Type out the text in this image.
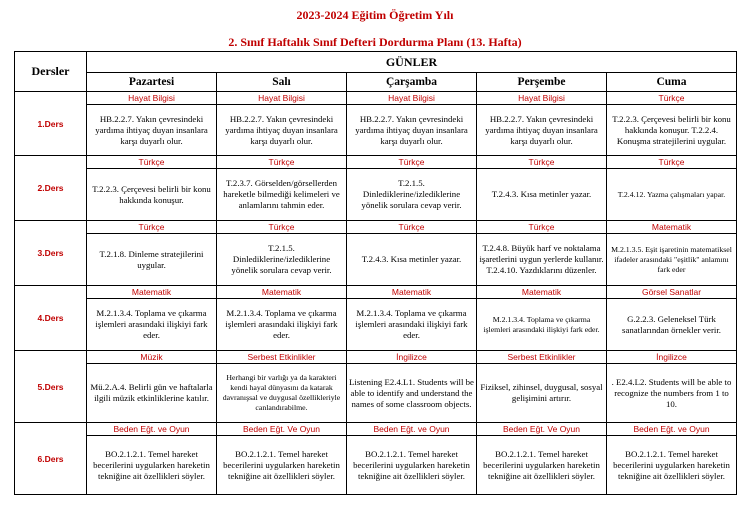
2023-2024 Eğitim Öğretim Yılı
2. Sınıf Haftalık Sınıf Defteri Dordurma Planı (13. Hafta)
Dersler	GÜNLER				
	Pazartesi	Salı	Çarşamba	Perşembe	Cuma
1.Ders	Hayat Bilgisi	Hayat Bilgisi	Hayat Bilgisi	Hayat Bilgisi	Türkçe
	HB.2.2.7. Yakın çevresindeki yardıma ihtiyaç duyan insanlara karşı duyarlı olur.	HB.2.2.7. Yakın çevresindeki yardıma ihtiyaç duyan insanlara karşı duyarlı olur.	HB.2.2.7. Yakın çevresindeki yardıma ihtiyaç duyan insanlara karşı duyarlı olur.	HB.2.2.7. Yakın çevresindeki yardıma ihtiyaç duyan insanlara karşı duyarlı olur.	T.2.2.3. Çerçevesi belirli bir konu hakkında konuşur. T.2.2.4. Konuşma stratejilerini uygular.
2.Ders	Türkçe	Türkçe	Türkçe	Türkçe	Türkçe
	T.2.2.3. Çerçevesi belirli bir konu hakkında konuşur.	T.2.3.7. Görselden/görsellerden hareketle bilmediği kelimeleri ve anlamlarını tahmin eder.	T.2.1.5. Dinlediklerine/izlediklerine yönelik sorulara cevap verir.	T.2.4.3. Kısa metinler yazar.	T.2.4.12. Yazma çalışmaları yapar.
3.Ders	Türkçe	Türkçe	Türkçe	Türkçe	Matematik
	T.2.1.8. Dinleme stratejilerini uygular.	T.2.1.5. Dinlediklerine/izlediklerine yönelik sorulara cevap verir.	T.2.4.3. Kısa metinler yazar.	T.2.4.8. Büyük harf ve noktalama işaretlerini uygun yerlerde kullanır. T.2.4.10. Yazdıklarını düzenler.	M.2.1.3.5. Eşit işaretinin matematiksel ifadeler arasındaki "eşitlik" anlamını fark eder
4.Ders	Matematik	Matematik	Matematik	Matematik	Görsel Sanatlar
	M.2.1.3.4. Toplama ve çıkarma işlemleri arasındaki ilişkiyi fark eder.	M.2.1.3.4. Toplama ve çıkarma işlemleri arasındaki ilişkiyi fark eder.	M.2.1.3.4. Toplama ve çıkarma işlemleri arasındaki ilişkiyi fark eder.	M.2.1.3.4. Toplama ve çıkarma işlemleri arasındaki ilişkiyi fark eder.	G.2.2.3. Geleneksel Türk sanatlarından örnekler verir.
5.Ders	Müzik	Serbest Etkinlikler	İngilizce	Serbest Etkinlikler	İngilizce
	Mü.2.A.4. Belirli gün ve haftalarla ilgili müzik etkinliklerine katılır.	Herhangi bir varlığı ya da karakteri kendi hayal dünyasını da katarak davranışsal ve duygusal özellikleriyle canlandırabilme.	Listening E2.4.L1. Students will be able to identify and understand the names of some classroom objects.	Fiziksel, zihinsel, duygusal, sosyal gelişimini artırır.	. E2.4.L2. Students will be able to recognize the numbers from 1 to 10.
6.Ders	Beden Eğt. ve Oyun	Beden Eğt. Ve Oyun	Beden Eğt. ve Oyun	Beden Eğt. Ve Oyun	Beden Eğt. ve Oyun
	BO.2.1.2.1. Temel hareket becerilerini uygularken hareketin tekniğine ait özellikleri söyler.	BO.2.1.2.1. Temel hareket becerilerini uygularken hareketin tekniğine ait özellikleri söyler.	BO.2.1.2.1. Temel hareket becerilerini uygularken hareketin tekniğine ait özellikleri söyler.	BO.2.1.2.1. Temel hareket becerilerini uygularken hareketin tekniğine ait özellikleri söyler.	BO.2.1.2.1. Temel hareket becerilerini uygularken hareketin tekniğine ait özellikleri söyler.
